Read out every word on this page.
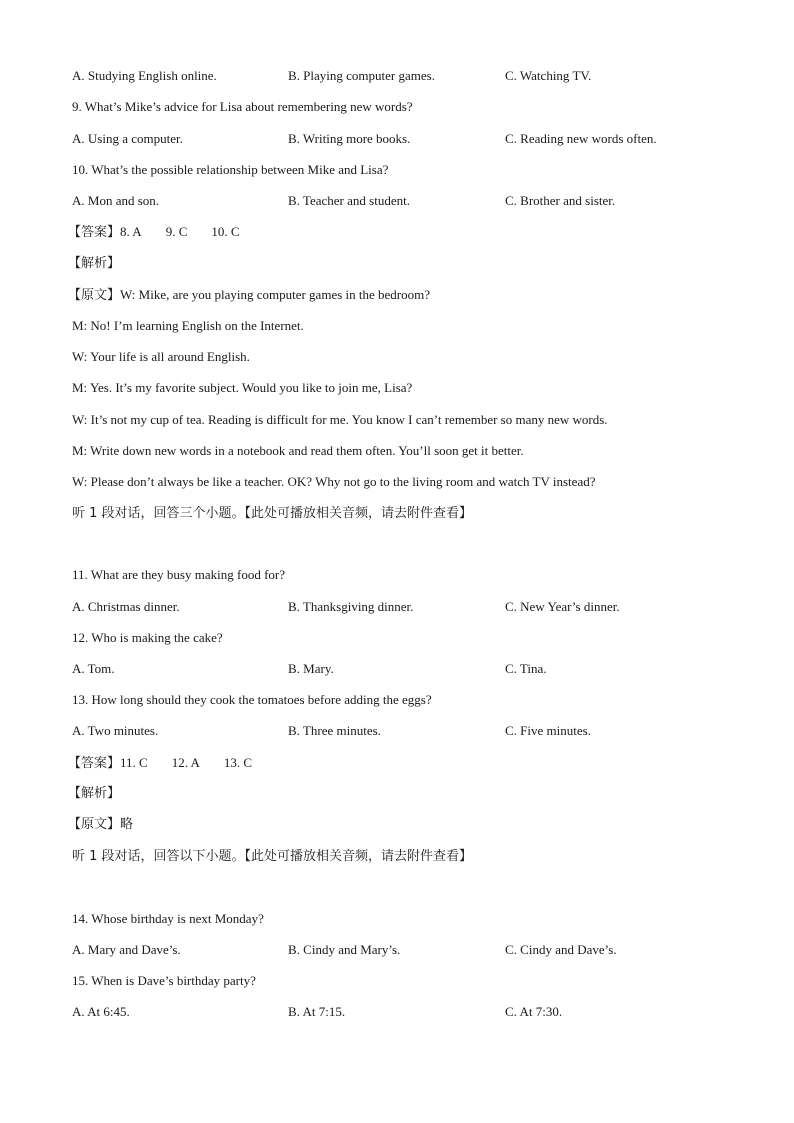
A. Studying English online.	B. Playing computer games.	C. Watching TV.
9. What’s Mike’s advice for Lisa about remembering new words?
A. Using a computer.	B. Writing more books.	C. Reading new words often.
10. What’s the possible relationship between Mike and Lisa?
A. Mon and son.	B. Teacher and student.	C. Brother and sister.
【答案】8. A 9. C 10. C
【解析】
【原文】W: Mike, are you playing computer games in the bedroom?
M: No! I’m learning English on the Internet.
W: Your life is all around English.
M: Yes. It’s my favorite subject. Would you like to join me, Lisa?
W: It’s not my cup of tea. Reading is difficult for me. You know I can’t remember so many new words.
M: Write down new words in a notebook and read them often. You’ll soon get it better.
W: Please don’t always be like a teacher. OK? Why not go to the living room and watch TV instead?
听 1 段对话，回答三个小题。【此处可播放相关音频，请去附件查看】
11. What are they busy making food for?
A. Christmas dinner.	B. Thanksgiving dinner.	C. New Year’s dinner.
12. Who is making the cake?
A. Tom.	B. Mary.	C. Tina.
13. How long should they cook the tomatoes before adding the eggs?
A. Two minutes.	B. Three minutes.	C. Five minutes.
【答案】11. C 12. A 13. C
【解析】
【原文】略
听 1 段对话，回答以下小题。【此处可播放相关音频，请去附件查看】
14. Whose birthday is next Monday?
A. Mary and Dave’s.	B. Cindy and Mary’s.	C. Cindy and Dave’s.
15. When is Dave’s birthday party?
A. At 6:45.	B. At 7:15.	C. At 7:30.
